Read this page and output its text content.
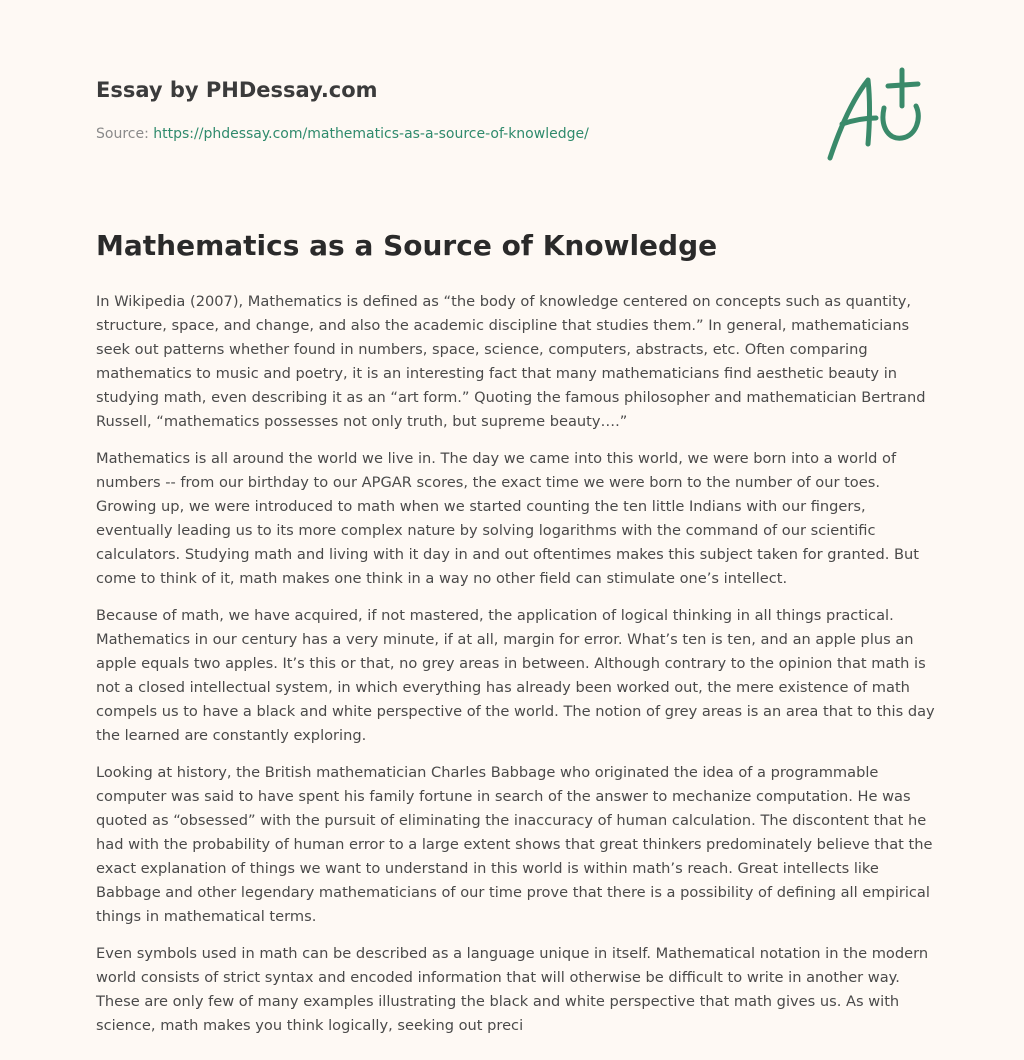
Essay by PHDessay.com
Source: https://phdessay.com/mathematics-as-a-source-of-knowledge/
Mathematics as a Source of Knowledge

In Wikipedia (2007), Mathematics is defined as “the body of knowledge centered on concepts such as quantity, structure, space, and change, and also the academic discipline that studies them.” In general, mathematicians seek out patterns whether found in numbers, space, science, computers, abstracts, etc. Often comparing mathematics to music and poetry, it is an interesting fact that many mathematicians find aesthetic beauty in studying math, even describing it as an “art form.” Quoting the famous philosopher and mathematician Bertrand Russell, “mathematics possesses not only truth, but supreme beauty….”

Mathematics is all around the world we live in. The day we came into this world, we were born into a world of numbers -- from our birthday to our APGAR scores, the exact time we were born to the number of our toes. Growing up, we were introduced to math when we started counting the ten little Indians with our fingers, eventually leading us to its more complex nature by solving logarithms with the command of our scientific calculators. Studying math and living with it day in and out oftentimes makes this subject taken for granted. But come to think of it, math makes one think in a way no other field can stimulate one’s intellect.

Because of math, we have acquired, if not mastered, the application of logical thinking in all things practical. Mathematics in our century has a very minute, if at all, margin for error. What’s ten is ten, and an apple plus an apple equals two apples. It’s this or that, no grey areas in between. Although contrary to the opinion that math is not a closed intellectual system, in which everything has already been worked out, the mere existence of math compels us to have a black and white perspective of the world. The notion of grey areas is an area that to this day the learned are constantly exploring.

Looking at history, the British mathematician Charles Babbage who originated the idea of a programmable computer was said to have spent his family fortune in search of the answer to mechanize computation. He was quoted as “obsessed” with the pursuit of eliminating the inaccuracy of human calculation. The discontent that he had with the probability of human error to a large extent shows that great thinkers predominately believe that the exact explanation of things we want to understand in this world is within math’s reach. Great intellects like Babbage and other legendary mathematicians of our time prove that there is a possibility of defining all empirical things in mathematical terms.

Even symbols used in math can be described as a language unique in itself. Mathematical notation in the modern world consists of strict syntax and encoded information that will otherwise be difficult to write in another way. These are only few of many examples illustrating the black and white perspective that math gives us. As with science, math makes you think logically, seeking out preci
